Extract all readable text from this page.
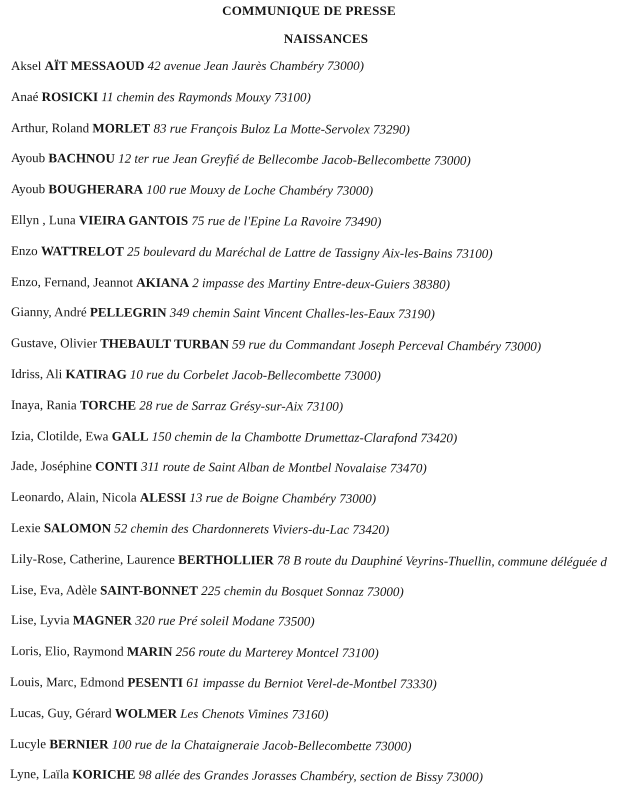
COMMUNIQUE DE PRESSE
NAISSANCES
Aksel AÏT MESSAOUD 42 avenue Jean Jaurès Chambéry 73000)
Anaé ROSICKI 11 chemin des Raymonds Mouxy 73100)
Arthur, Roland MORLET 83 rue François Buloz La Motte-Servolex 73290)
Ayoub BACHNOU 12 ter rue Jean Greyfié de Bellecombe Jacob-Bellecombette 73000)
Ayoub BOUGHERARA 100 rue Mouxy de Loche Chambéry 73000)
Ellyn , Luna VIEIRA GANTOIS 75 rue de l'Epine La Ravoire 73490)
Enzo WATTRELOT 25 boulevard du Maréchal de Lattre de Tassigny Aix-les-Bains 73100)
Enzo, Fernand, Jeannot AKIANA 2 impasse des Martiny Entre-deux-Guiers 38380)
Gianny, André PELLEGRIN 349 chemin Saint Vincent Challes-les-Eaux 73190)
Gustave, Olivier THEBAULT TURBAN 59 rue du Commandant Joseph Perceval Chambéry 73000)
Idriss, Ali KATIRAG 10 rue du Corbelet Jacob-Bellecombette 73000)
Inaya, Rania TORCHE 28 rue de Sarraz Grésy-sur-Aix 73100)
Izia, Clotilde, Ewa GALL 150 chemin de la Chambotte Drumettaz-Clarafond 73420)
Jade, Joséphine CONTI 311 route de Saint Alban de Montbel Novalaise 73470)
Leonardo, Alain, Nicola ALESSI 13 rue de Boigne Chambéry 73000)
Lexie SALOMON 52 chemin des Chardonnerets Viviers-du-Lac 73420)
Lily-Rose, Catherine, Laurence BERTHOLLIER 78 B route du Dauphiné Veyrins-Thuellin, commune déléguée d
Lise, Eva, Adèle SAINT-BONNET 225 chemin du Bosquet Sonnaz 73000)
Lise, Lyvia MAGNER 320 rue Pré soleil Modane 73500)
Loris, Elio, Raymond MARIN 256 route du Marterey Montcel 73100)
Louis, Marc, Edmond PESENTI 61 impasse du Berniot Verel-de-Montbel 73330)
Lucas, Guy, Gérard WOLMER Les Chenots Vimines 73160)
Lucyle BERNIER 100 rue de la Chataigneraie Jacob-Bellecombette 73000)
Lyne, Laïla KORICHE 98 allée des Grandes Jorasses Chambéry, section de Bissy 73000)
